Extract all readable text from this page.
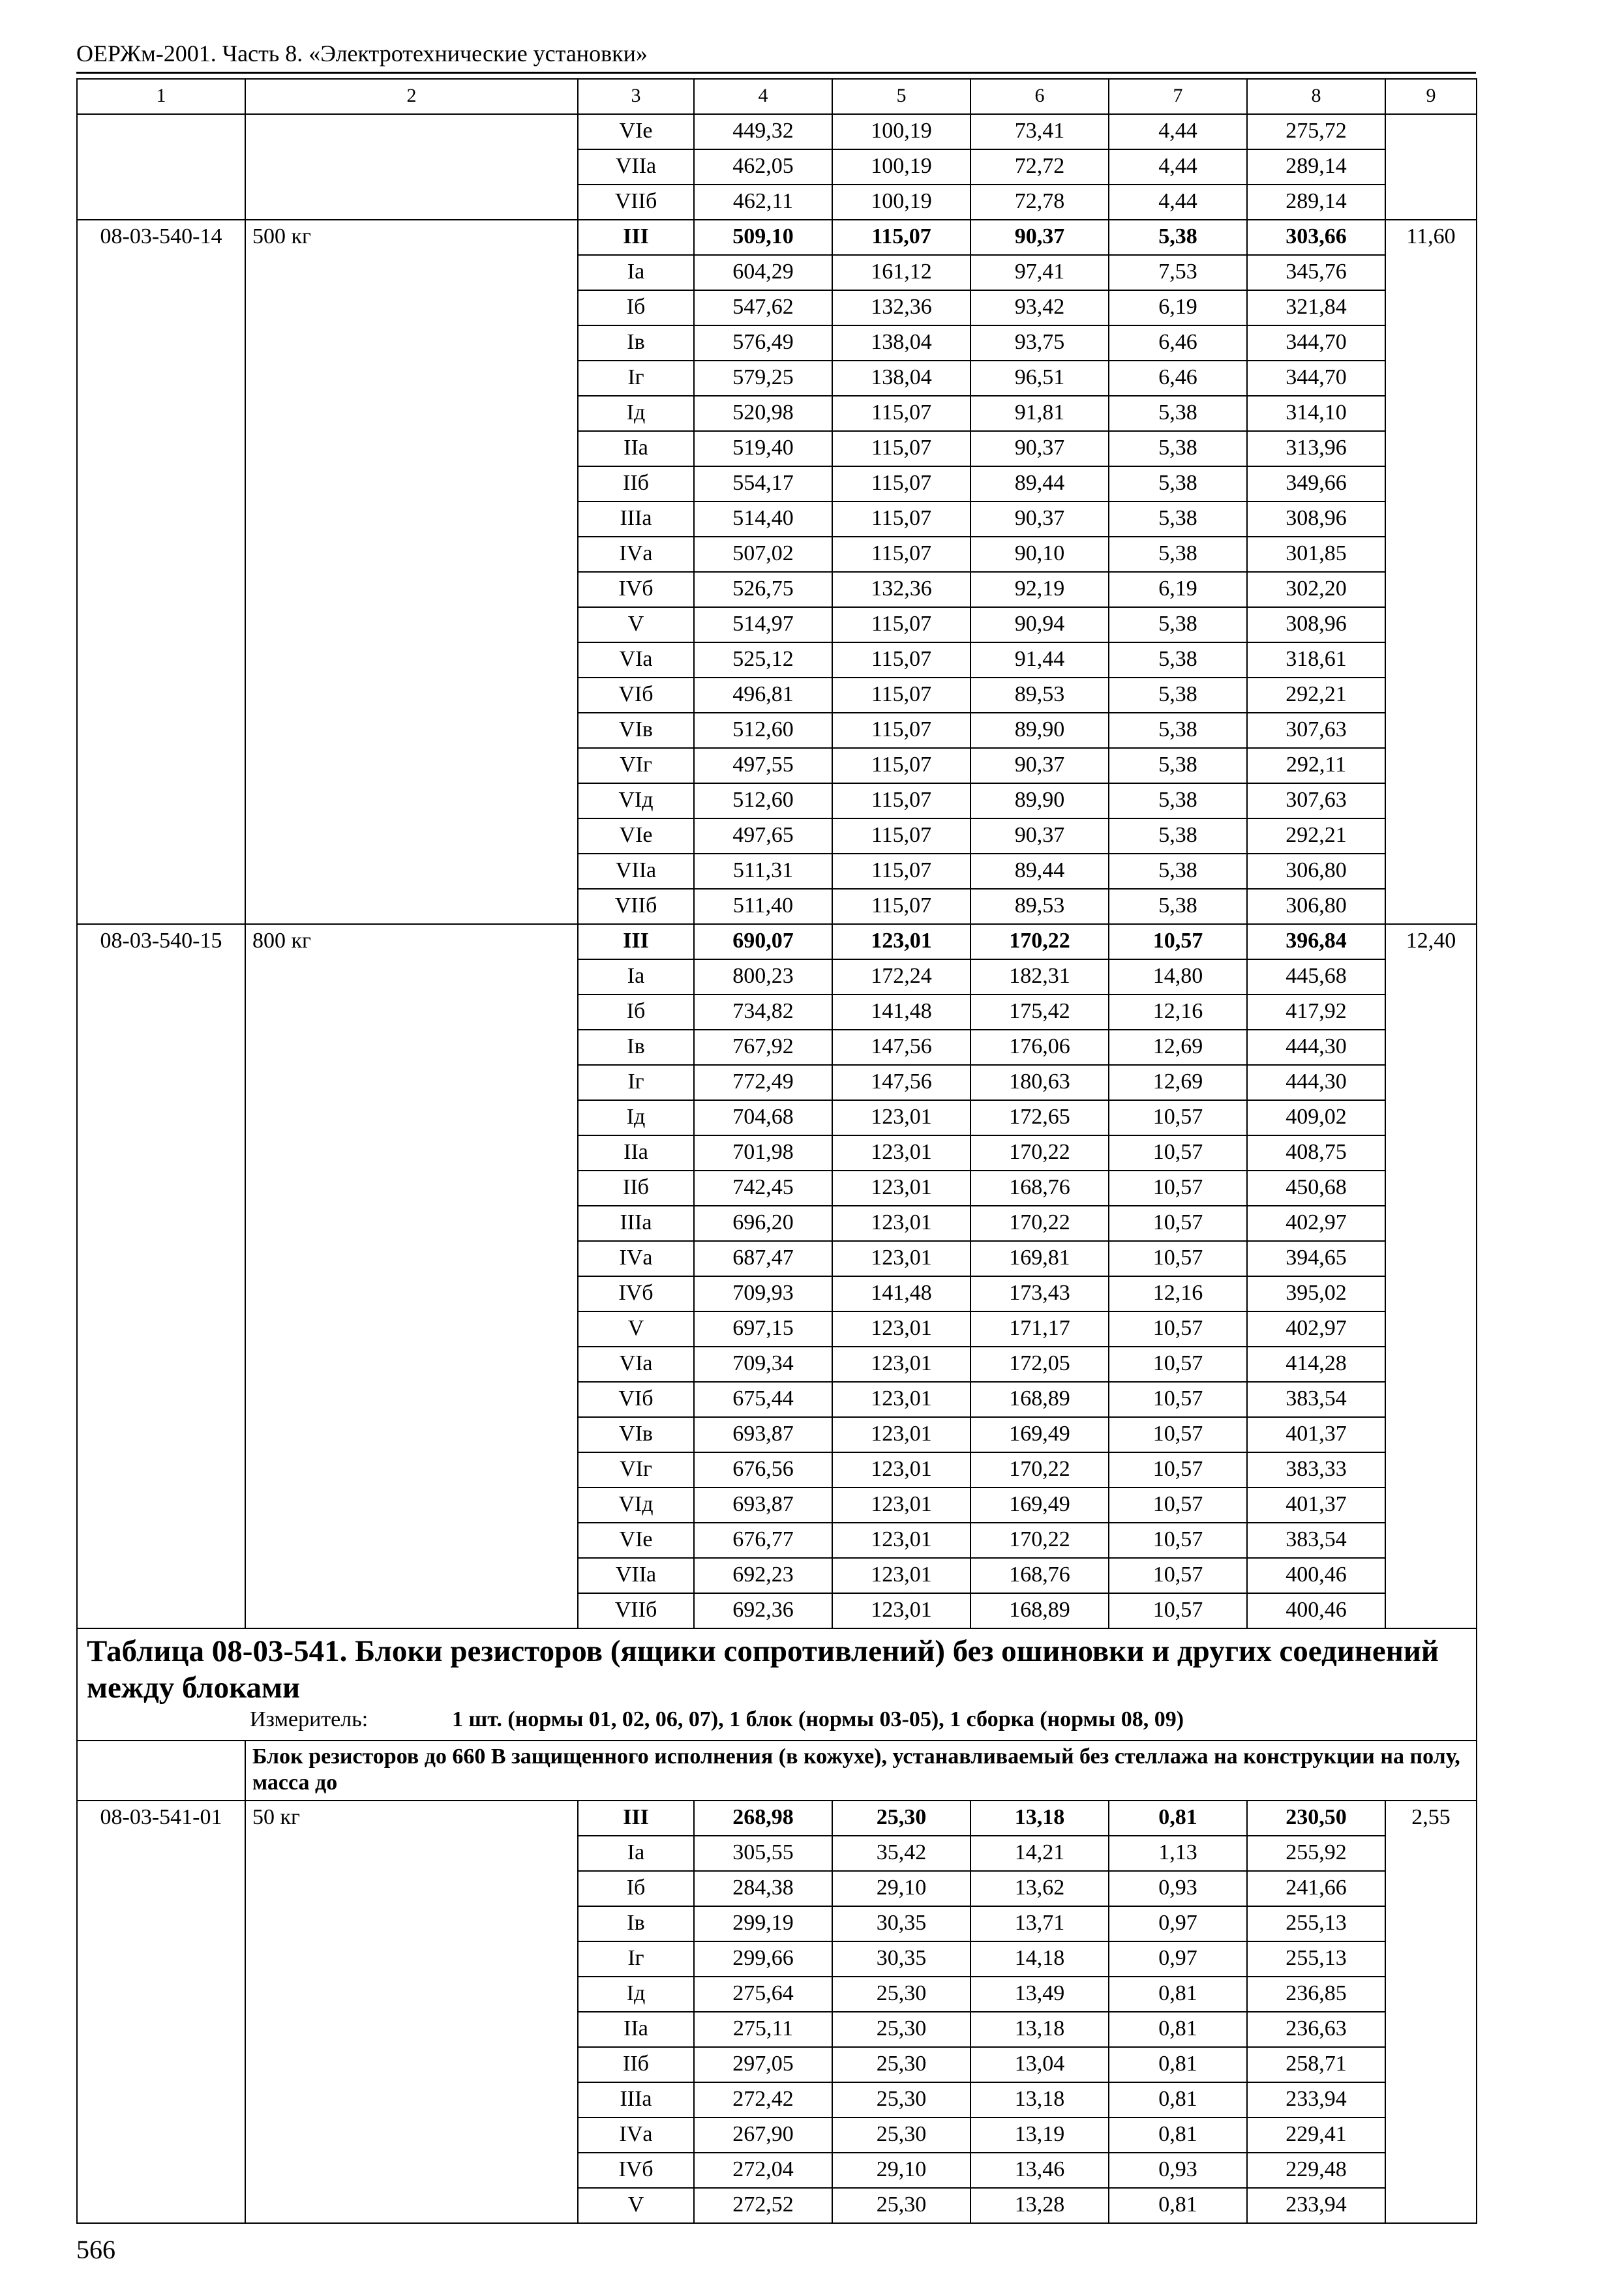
ОЕРЖм-2001. Часть 8. «Электротехнические установки»
1	2	3	4	5	6	7	8	9
		VIe	449,32	100,19	73,41	4,44	275,72	
		VIIа	462,05	100,19	72,72	4,44	289,14	
		VIIб	462,11	100,19	72,78	4,44	289,14	
08-03-540-14	500 кг	III	509,10	115,07	90,37	5,38	303,66	11,60
		Iа	604,29	161,12	97,41	7,53	345,76	
		Iб	547,62	132,36	93,42	6,19	321,84	
		Iв	576,49	138,04	93,75	6,46	344,70	
		Iг	579,25	138,04	96,51	6,46	344,70	
		Iд	520,98	115,07	91,81	5,38	314,10	
		IIа	519,40	115,07	90,37	5,38	313,96	
		IIб	554,17	115,07	89,44	5,38	349,66	
		IIIа	514,40	115,07	90,37	5,38	308,96	
		IVа	507,02	115,07	90,10	5,38	301,85	
		IVб	526,75	132,36	92,19	6,19	302,20	
		V	514,97	115,07	90,94	5,38	308,96	
		VIа	525,12	115,07	91,44	5,38	318,61	
		VIб	496,81	115,07	89,53	5,38	292,21	
		VIв	512,60	115,07	89,90	5,38	307,63	
		VIг	497,55	115,07	90,37	5,38	292,11	
		VIд	512,60	115,07	89,90	5,38	307,63	
		VIe	497,65	115,07	90,37	5,38	292,21	
		VIIа	511,31	115,07	89,44	5,38	306,80	
		VIIб	511,40	115,07	89,53	5,38	306,80	
08-03-540-15	800 кг	III	690,07	123,01	170,22	10,57	396,84	12,40
		Iа	800,23	172,24	182,31	14,80	445,68	
		Iб	734,82	141,48	175,42	12,16	417,92	
		Iв	767,92	147,56	176,06	12,69	444,30	
		Iг	772,49	147,56	180,63	12,69	444,30	
		Iд	704,68	123,01	172,65	10,57	409,02	
		IIа	701,98	123,01	170,22	10,57	408,75	
		IIб	742,45	123,01	168,76	10,57	450,68	
		IIIа	696,20	123,01	170,22	10,57	402,97	
		IVа	687,47	123,01	169,81	10,57	394,65	
		IVб	709,93	141,48	173,43	12,16	395,02	
		V	697,15	123,01	171,17	10,57	402,97	
		VIа	709,34	123,01	172,05	10,57	414,28	
		VIб	675,44	123,01	168,89	10,57	383,54	
		VIв	693,87	123,01	169,49	10,57	401,37	
		VIг	676,56	123,01	170,22	10,57	383,33	
		VIд	693,87	123,01	169,49	10,57	401,37	
		VIe	676,77	123,01	170,22	10,57	383,54	
		VIIа	692,23	123,01	168,76	10,57	400,46	
		VIIб	692,36	123,01	168,89	10,57	400,46	

Таблица 08-03-541. Блоки резисторов (ящики сопротивлений) без ошиновки и других соединений между блоками
Измеритель: 1 шт. (нормы 01, 02, 06, 07), 1 блок (нормы 03-05), 1 сборка (нормы 08, 09)								

	Блок резисторов до 660 В защищенного исполнения (в кожухе), устанавливаемый без стеллажа на конструкции на полу, масса до							
08-03-541-01	50 кг	III	268,98	25,30	13,18	0,81	230,50	2,55
		Iа	305,55	35,42	14,21	1,13	255,92	
		Iб	284,38	29,10	13,62	0,93	241,66	
		Iв	299,19	30,35	13,71	0,97	255,13	
		Iг	299,66	30,35	14,18	0,97	255,13	
		Iд	275,64	25,30	13,49	0,81	236,85	
		IIа	275,11	25,30	13,18	0,81	236,63	
		IIб	297,05	25,30	13,04	0,81	258,71	
		IIIа	272,42	25,30	13,18	0,81	233,94	
		IVа	267,90	25,30	13,19	0,81	229,41	
		IVб	272,04	29,10	13,46	0,93	229,48	
		V	272,52	25,30	13,28	0,81	233,94	
566
